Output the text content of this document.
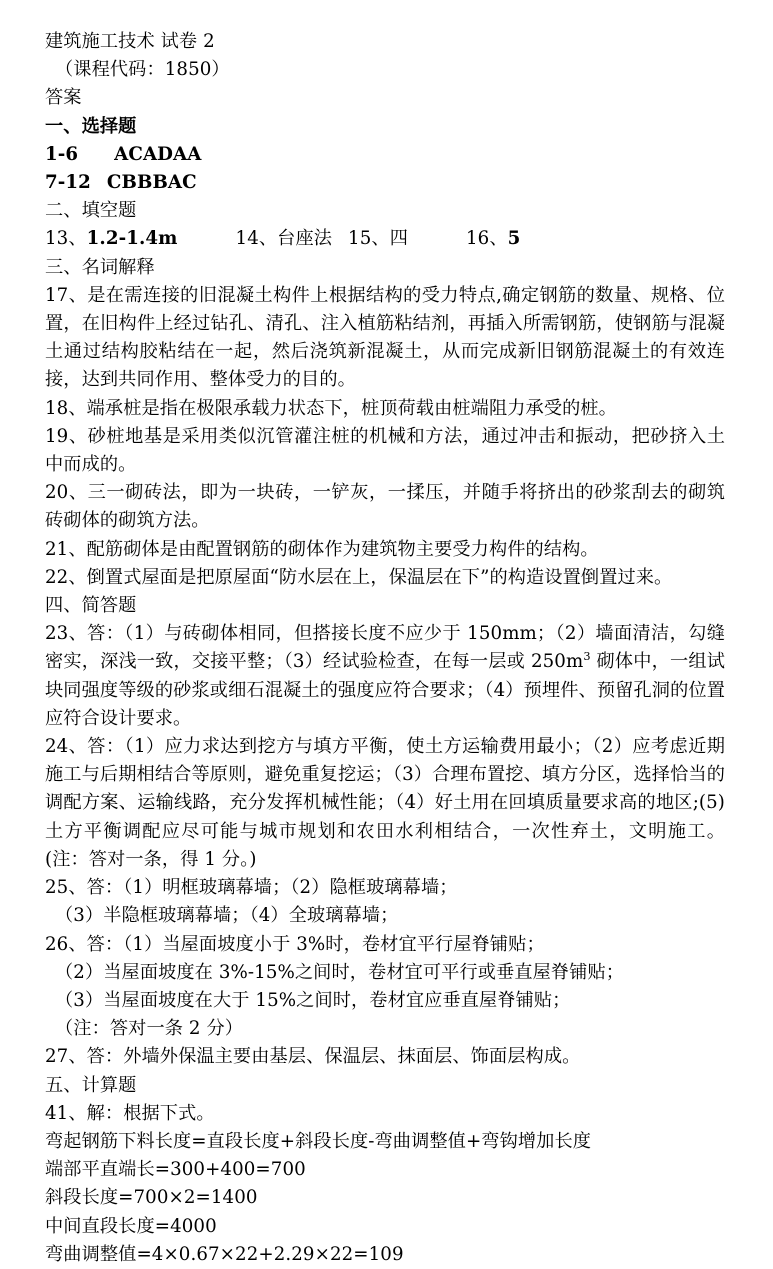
建筑施工技术 试卷 2
（课程代码：1850）
答案
一、选择题
1-6 ACADAA
7-12 CBBBAC
二、填空题
13、1.2-1.4m	14、台座法 15、四	16、5
三、名词解释
17、是在需连接的旧混凝土构件上根据结构的受力特点,确定钢筋的数量、规格、位置，在旧构件上经过钻孔、清孔、注入植筋粘结剂，再插入所需钢筋，使钢筋与混凝土通过结构胶粘结在一起，然后浇筑新混凝土，从而完成新旧钢筋混凝土的有效连接，达到共同作用、整体受力的目的。
18、端承桩是指在极限承载力状态下，桩顶荷载由桩端阻力承受的桩。
19、砂桩地基是采用类似沉管灌注桩的机械和方法，通过冲击和振动，把砂挤入土中而成的。
20、三一砌砖法，即为一块砖，一铲灰，一揉压，并随手将挤出的砂浆刮去的砌筑砖砌体的砌筑方法。
21、配筋砌体是由配置钢筋的砌体作为建筑物主要受力构件的结构。
22、倒置式屋面是把原屋面“防水层在上，保温层在下”的构造设置倒置过来。
四、简答题
23、答：（1）与砖砌体相同，但搭接长度不应少于 150mm；（2）墙面清洁，勾缝密实，深浅一致，交接平整；（3）经试验检查，在每一层或 $250m^3$ 砌体中，一组试块同强度等级的砂浆或细石混凝土的强度应符合要求；（4）预埋件、预留孔洞的位置应符合设计要求。
24、答：（1）应力求达到挖方与填方平衡，使土方运输费用最小；（2）应考虑近期施工与后期相结合等原则，避免重复挖运；（3）合理布置挖、填方分区，选择恰当的调配方案、运输线路，充分发挥机械性能；（4）好土用在回填质量要求高的地区;(5)土方平衡调配应尽可能与城市规划和农田水利相结合，一次性弃土，文明施工。(注：答对一条，得 1 分。)
25、答：（1）明框玻璃幕墙；（2）隐框玻璃幕墙；
（3）半隐框玻璃幕墙；（4）全玻璃幕墙；
26、答：（1）当屋面坡度小于 3%时，卷材宜平行屋脊铺贴；
（2）当屋面坡度在 3%-15%之间时，卷材宜可平行或垂直屋脊铺贴；
（3）当屋面坡度在大于 15%之间时，卷材宜应垂直屋脊铺贴；
（注：答对一条 2 分）
27、答：外墙外保温主要由基层、保温层、抹面层、饰面层构成。
五、计算题
41、解：根据下式。
弯起钢筋下料长度=直段长度+斜段长度-弯曲调整值+弯钩增加长度
端部平直端长=300+400=700
斜段长度=700×2=1400
中间直段长度=4000
弯曲调整值=4×0.67×22+2.29×22=109
